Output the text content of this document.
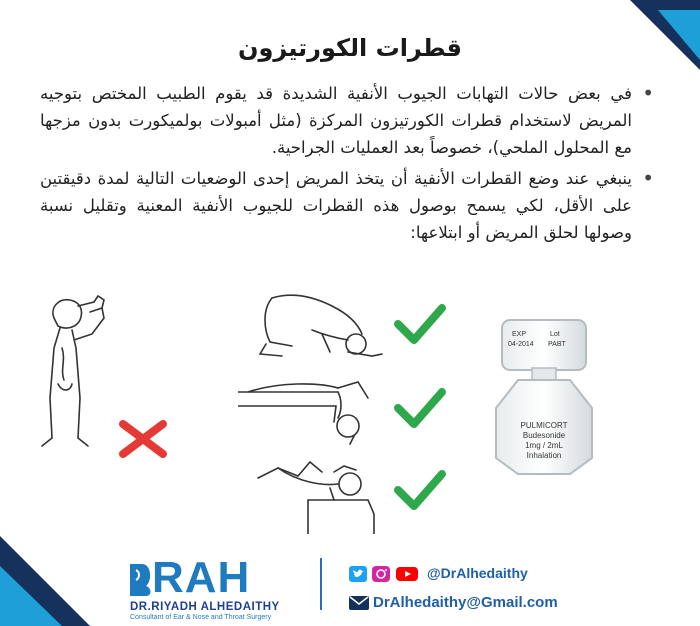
قطرات الكورتيزون
• في بعض حالات التهابات الجيوب الأنفية الشديدة قد يقوم الطبيب المختص بتوجيه المريض لاستخدام قطرات الكورتيزون المركزة (مثل أمبولات بولميكورت بدون مزجها مع المحلول الملحي)، خصوصاً بعد العمليات الجراحية.
• ينبغي عند وضع القطرات الأنفية أن يتخذ المريض إحدى الوضعيات التالية لمدة دقيقتين على الأقل، لكي يسمح بوصول هذه القطرات للجيوب الأنفية المعنية وتقليل نسبة وصولها لحلق المريض أو ابتلاعها:
EXP
04-2014
Lot
PABT
PULMICORT
Budesonide
1mg / 2mL
Inhalation
RAH
DR.RIYADH ALHEDAITHY
Consultant of Ear & Nose and Throat Surgery
@DrAlhedaithy
DrAlhedaithy@Gmail.com
